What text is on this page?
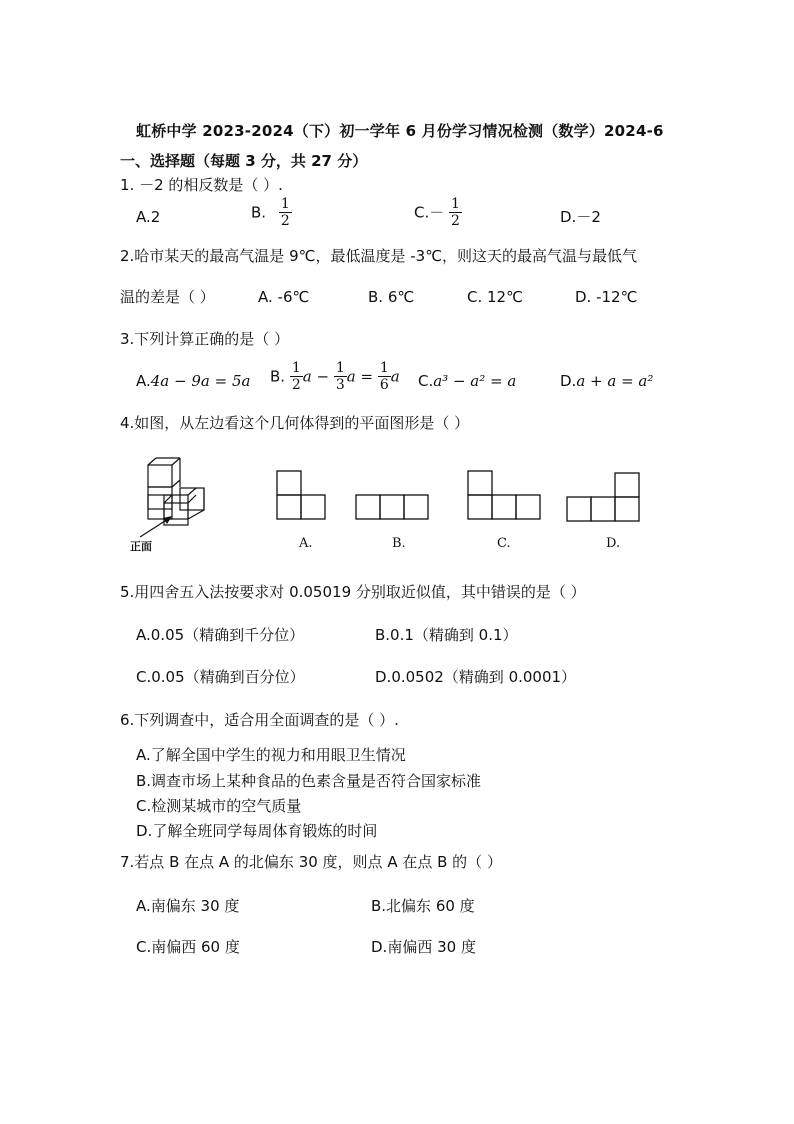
虹桥中学 2023-2024（下）初一学年 6 月份学习情况检测（数学）2024-6
一、选择题（每题 3 分，共 27 分）
1. －2 的相反数是（ ）.
A.2	B. $\frac{1}{2}$	$C.- \frac{1}{2}$	D.－2
2.哈市某天的最高气温是 9℃，最低温度是 -3℃，则这天的最高气温与最低气
温的差是（ ）	A. -6℃	B. 6℃	C. 12℃	D. -12℃
3.下列计算正确的是（ ）
A.4a − 9a = 5a B. $\frac{1}{2}$ $a - \frac{1}{3}$ $a = \frac{1}{6}$ a C.a³ − a² = a	D.a + a = a²
4.如图，从左边看这个几何体得到的平面图形是（ ）
正面	A.	B.	C.	D.
5.用四舍五入法按要求对 0.05019 分别取近似值，其中错误的是（ ）
A.0.05（精确到千分位）	B.0.1（精确到 0.1）
C.0.05（精确到百分位）	D.0.0502（精确到 0.0001）
6.下列调查中，适合用全面调查的是（ ）.
A.了解全国中学生的视力和用眼卫生情况
B.调查市场上某种食品的色素含量是否符合国家标准
C.检测某城市的空气质量
D.了解全班同学每周体育锻炼的时间
7.若点 B 在点 A 的北偏东 30 度，则点 A 在点 B 的（ ）
A.南偏东 30 度	B.北偏东 60 度
C.南偏西 60 度	D.南偏西 30 度
